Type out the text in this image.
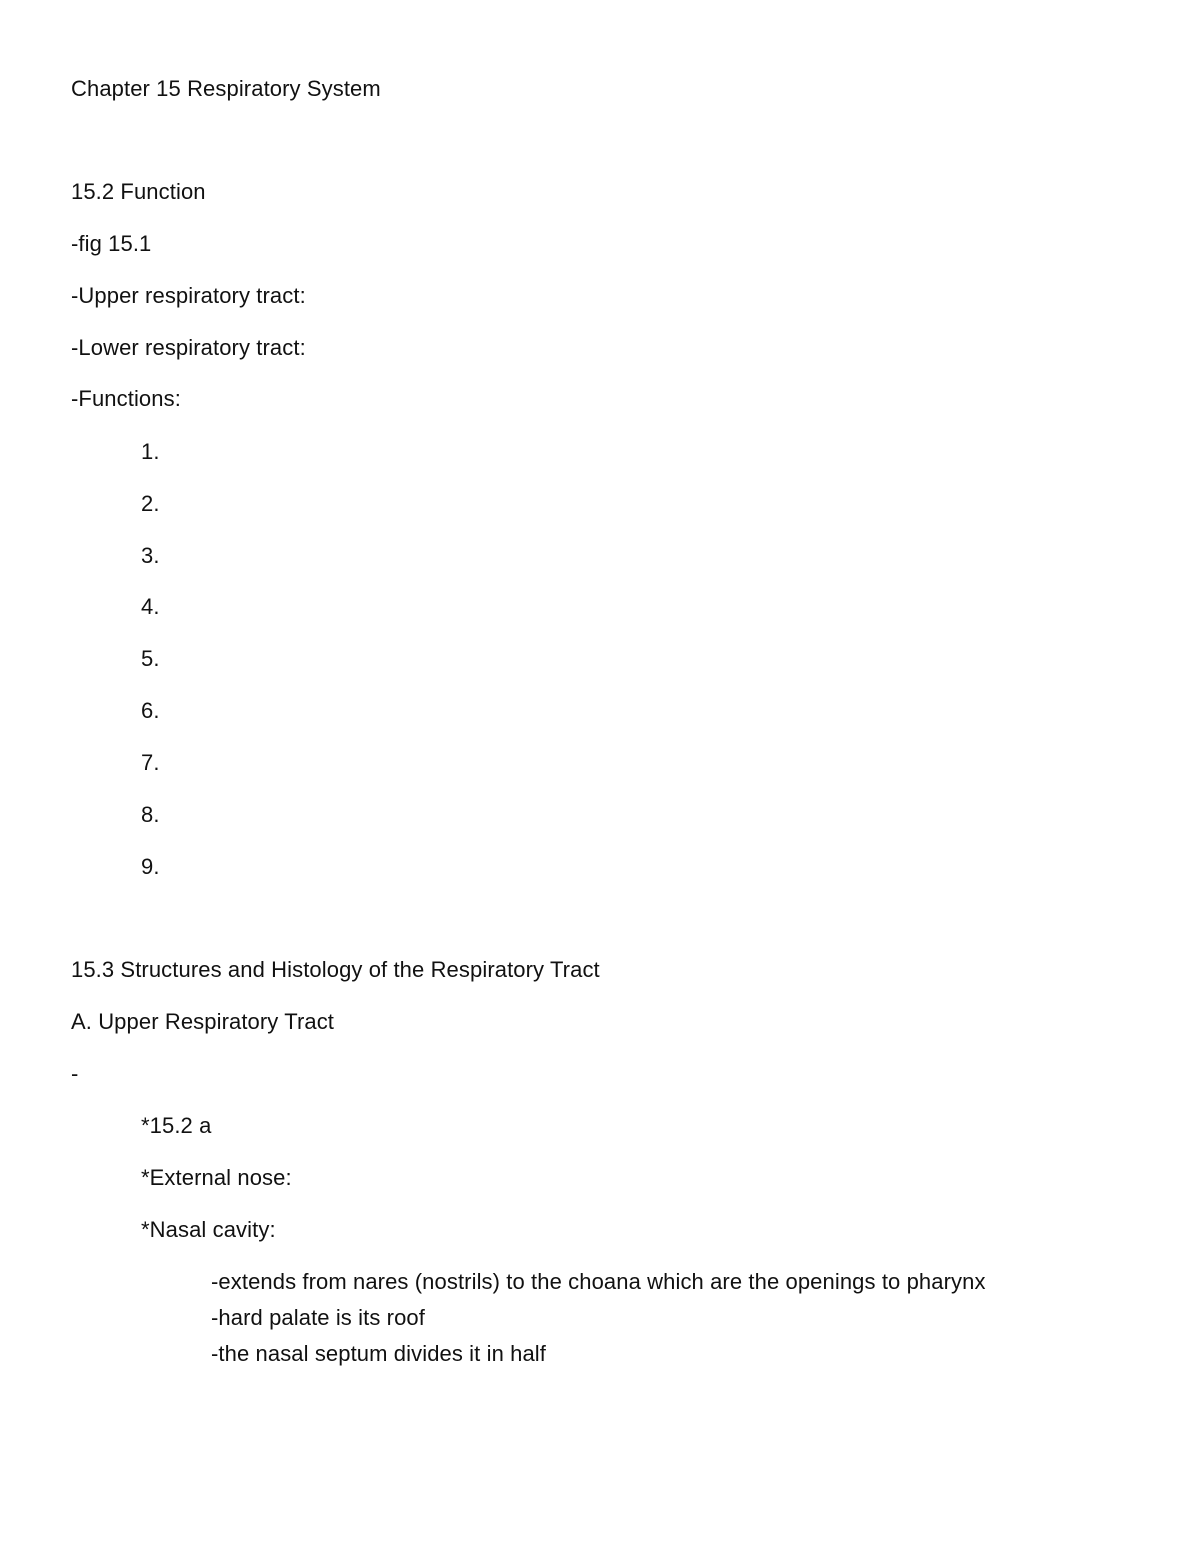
Chapter 15 Respiratory System
15.2 Function
-fig 15.1
-Upper respiratory tract:
-Lower respiratory tract:
-Functions:
1.
2.
3.
4.
5.
6.
7.
8.
9.
15.3 Structures and Histology of the Respiratory Tract
A. Upper Respiratory Tract
-
*15.2 a
*External nose:
*Nasal cavity:
-extends from nares (nostrils) to the choana which are the openings to pharynx
-hard palate is its roof
-the nasal septum divides it in half
